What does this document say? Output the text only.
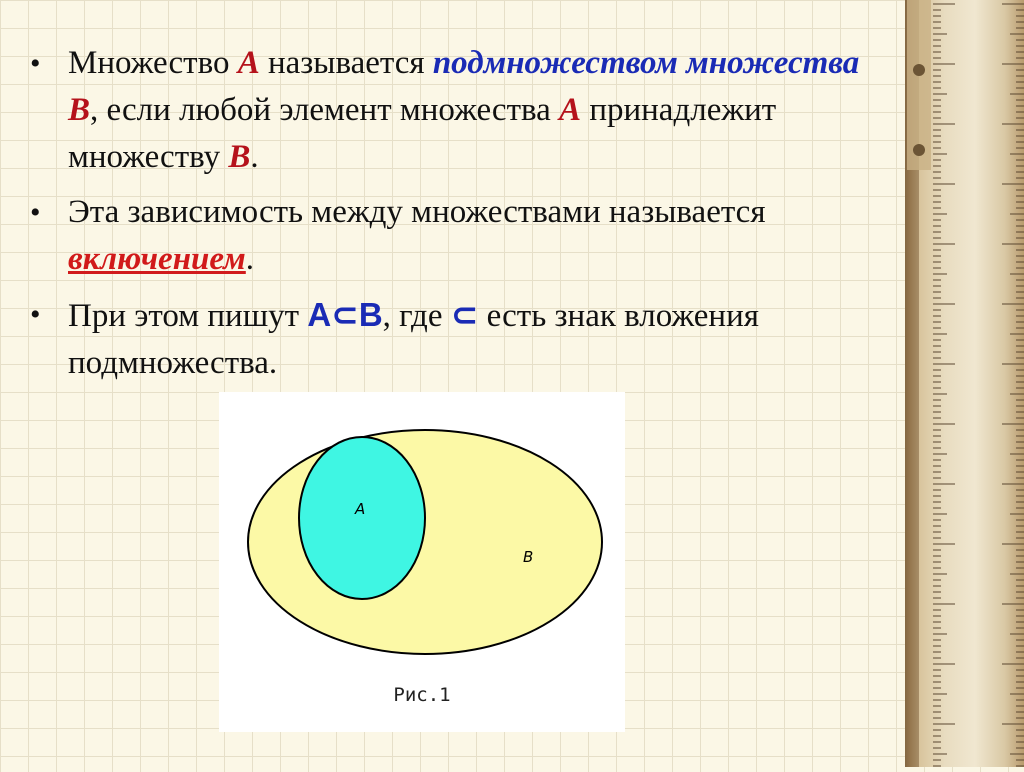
• Множество A называется подмножеством множества B, если любой элемент множества A принадлежит множеству B.
• Эта зависимость между множествами называется включением.
• При этом пишут A⊂B, где ⊂ есть знак вложения подмножества.
A
B
Рис.1
